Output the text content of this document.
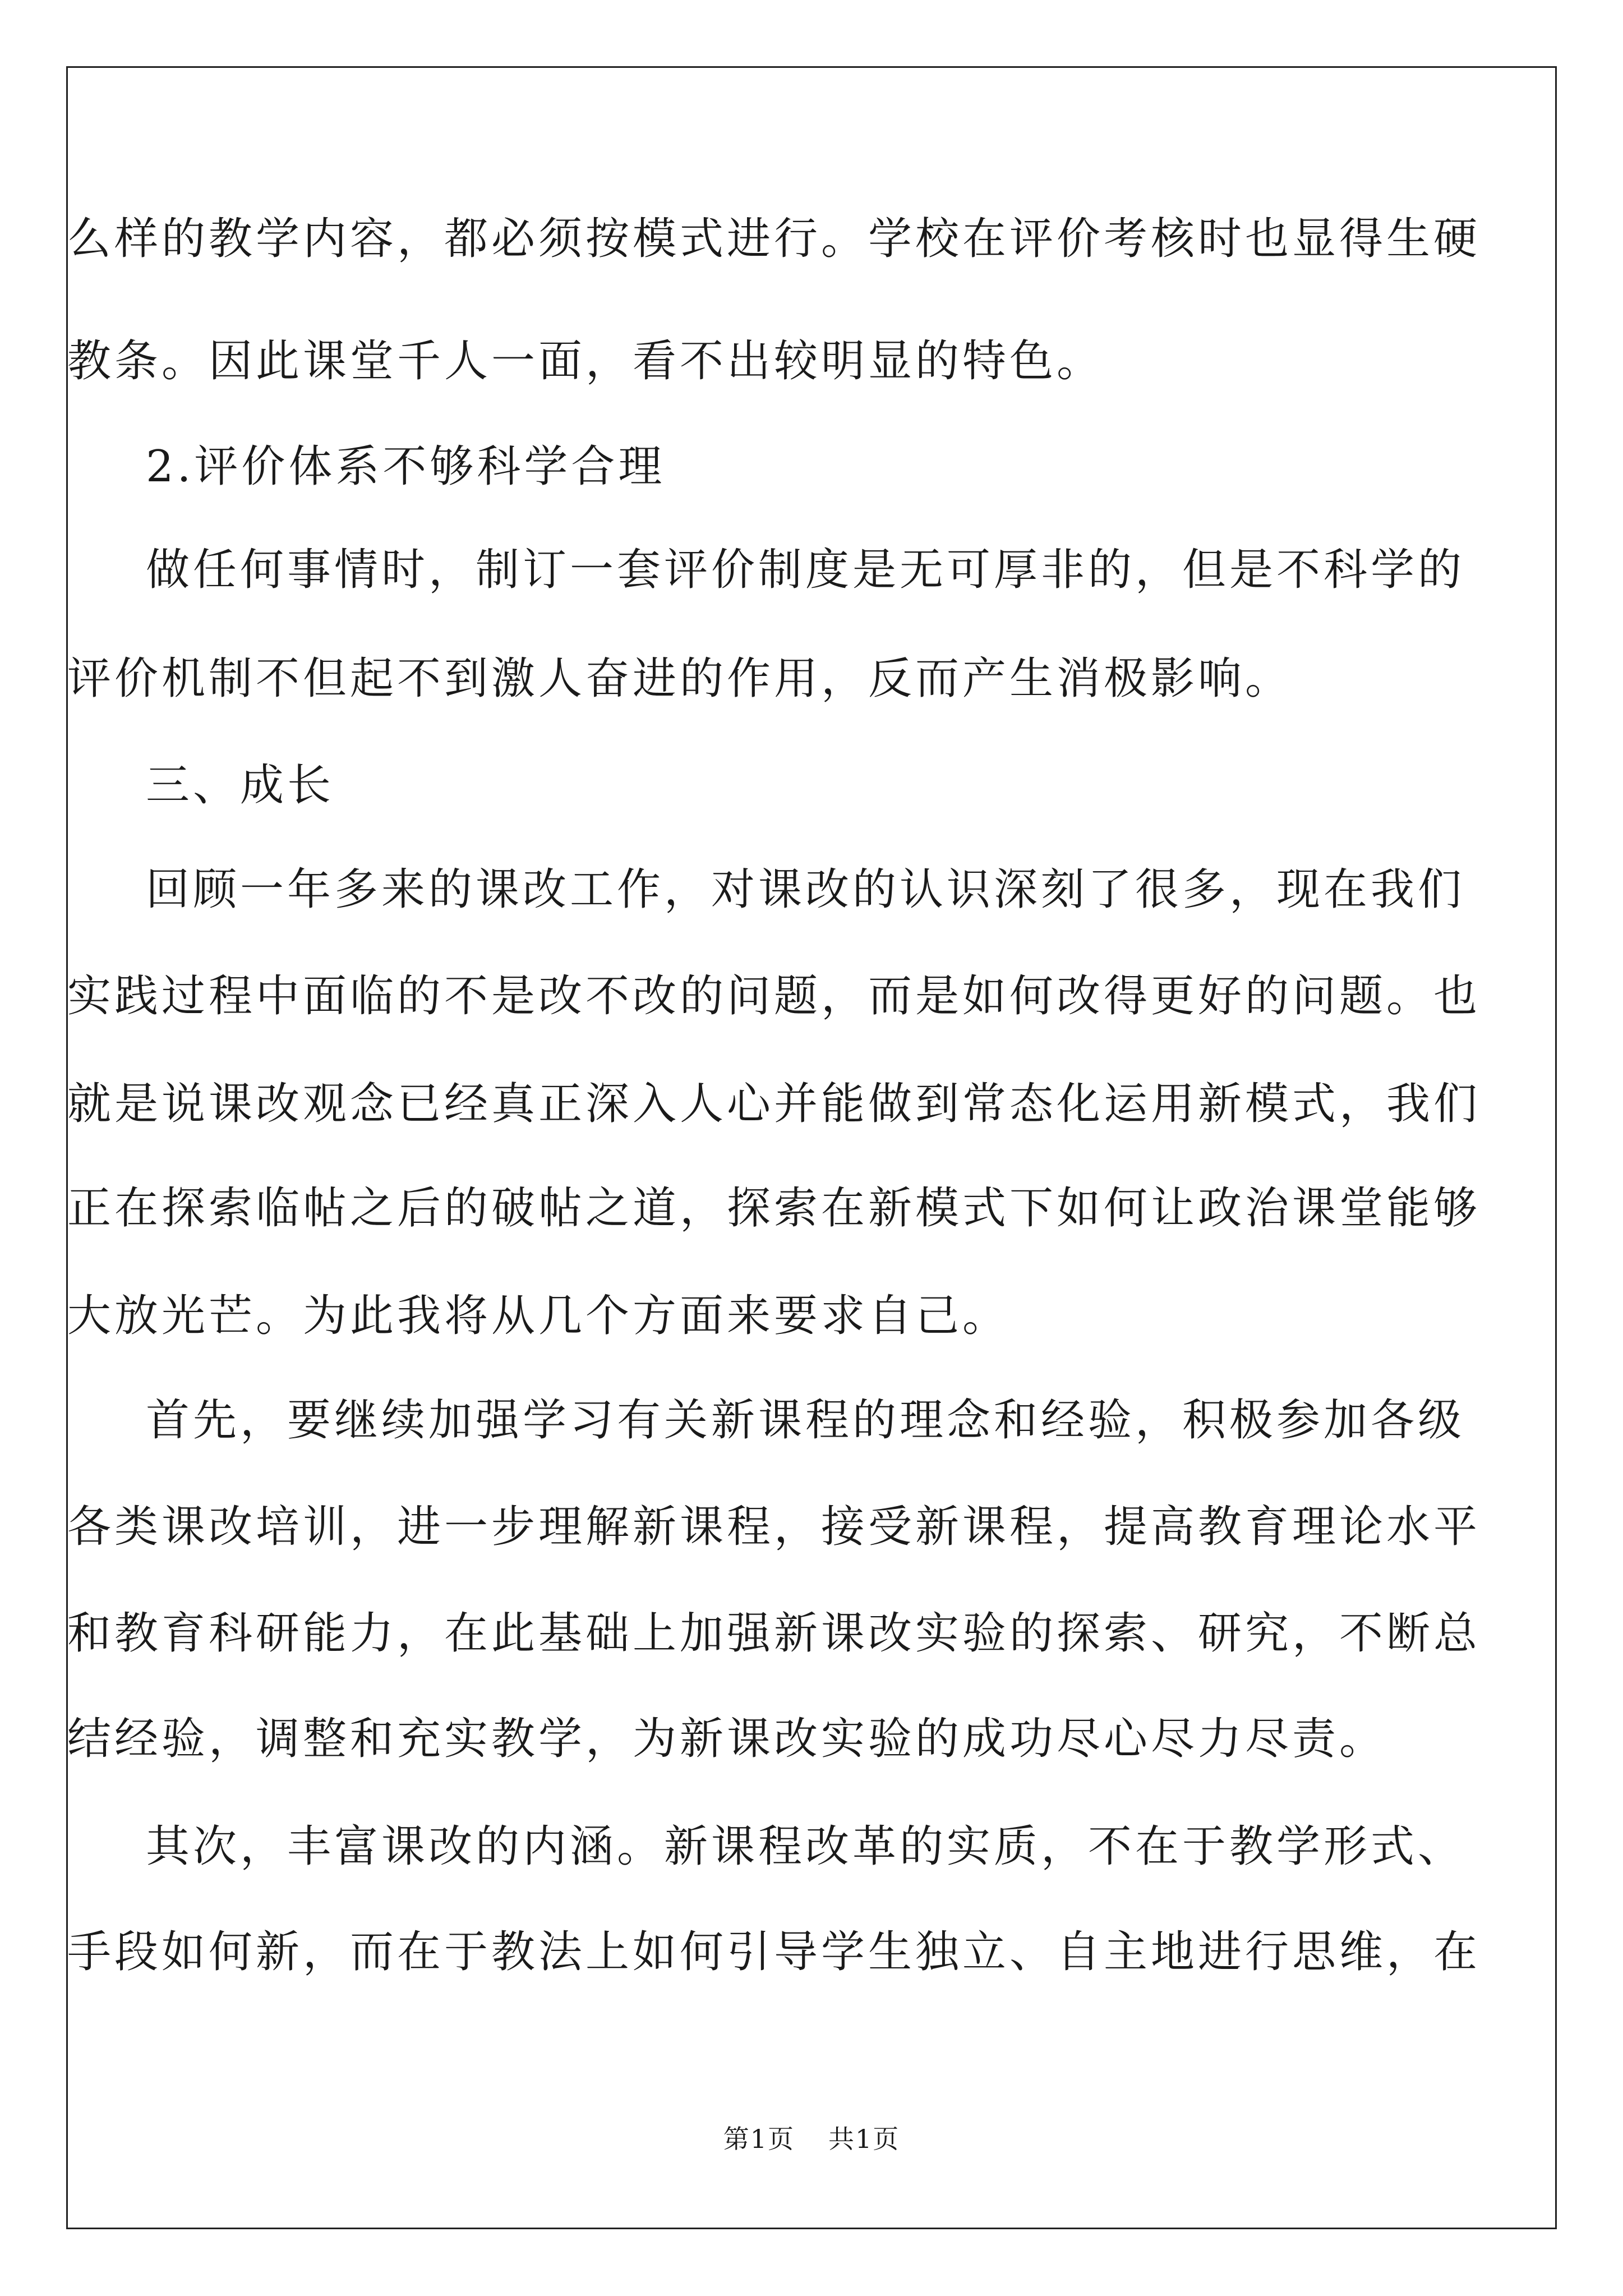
么样的教学内容，都必须按模式进行。学校在评价考核时也显得生硬
教条。因此课堂千人一面，看不出较明显的特色。
2.评价体系不够科学合理
做任何事情时，制订一套评价制度是无可厚非的，但是不科学的
评价机制不但起不到激人奋进的作用，反而产生消极影响。
三、成长
回顾一年多来的课改工作，对课改的认识深刻了很多，现在我们
实践过程中面临的不是改不改的问题，而是如何改得更好的问题。也
就是说课改观念已经真正深入人心并能做到常态化运用新模式，我们
正在探索临帖之后的破帖之道，探索在新模式下如何让政治课堂能够
大放光芒。为此我将从几个方面来要求自己。
首先，要继续加强学习有关新课程的理念和经验，积极参加各级
各类课改培训，进一步理解新课程，接受新课程，提高教育理论水平
和教育科研能力，在此基础上加强新课改实验的探索、研究，不断总
结经验，调整和充实教学，为新课改实验的成功尽心尽力尽责。
其次，丰富课改的内涵。新课程改革的实质，不在于教学形式、
手段如何新，而在于教法上如何引导学生独立、自主地进行思维，在
第1页 共1页
